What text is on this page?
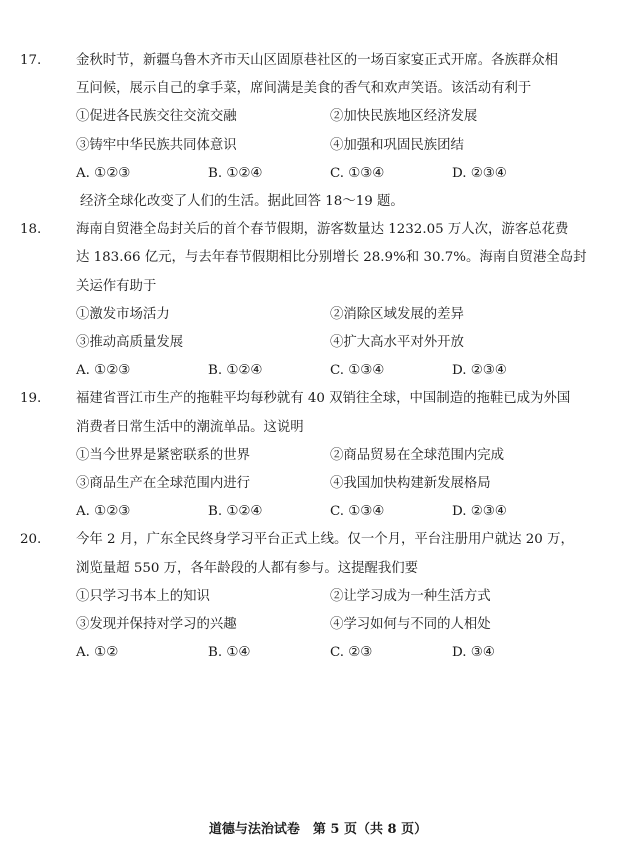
17.	金秋时节，新疆乌鲁木齐市天山区固原巷社区的一场百家宴正式开席。各族群众相
互问候，展示自己的拿手菜，席间满是美食的香气和欢声笑语。该活动有利于
①促进各民族交往交流交融	②加快民族地区经济发展
③铸牢中华民族共同体意识	④加强和巩固民族团结
A. ①②③	B. ①②④	C. ①③④	D. ②③④
经济全球化改变了人们的生活。据此回答 18～19 题。
18.	海南自贸港全岛封关后的首个春节假期，游客数量达 1232.05 万人次，游客总花费
达 183.66 亿元，与去年春节假期相比分别增长 28.9%和 30.7%。海南自贸港全岛封
关运作有助于
①激发市场活力	②消除区域发展的差异
③推动高质量发展	④扩大高水平对外开放
A. ①②③	B. ①②④	C. ①③④	D. ②③④
19.	福建省晋江市生产的拖鞋平均每秒就有 40 双销往全球，中国制造的拖鞋已成为外国
消费者日常生活中的潮流单品。这说明
①当今世界是紧密联系的世界	②商品贸易在全球范围内完成
③商品生产在全球范围内进行	④我国加快构建新发展格局
A. ①②③	B. ①②④	C. ①③④	D. ②③④
20.	今年 2 月，广东全民终身学习平台正式上线。仅一个月，平台注册用户就达 20 万，
浏览量超 550 万，各年龄段的人都有参与。这提醒我们要
①只学习书本上的知识	②让学习成为一种生活方式
③发现并保持对学习的兴趣	④学习如何与不同的人相处
A. ①②	B. ①④	C. ②③	D. ③④
道德与法治试卷　第 5 页（共 8 页）
